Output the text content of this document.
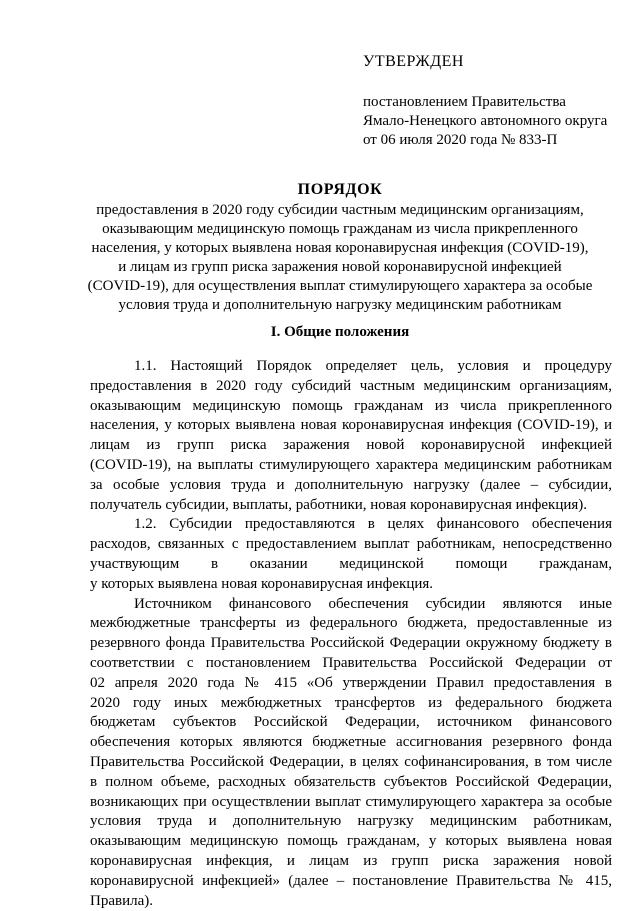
УТВЕРЖДЕН
постановлением Правительства
Ямало-Ненецкого автономного округа
от 06 июля 2020 года № 833-П
ПОРЯДОК
предоставления в 2020 году субсидии частным медицинским организациям,
оказывающим медицинскую помощь гражданам из числа прикрепленного
населения, у которых выявлена новая коронавирусная инфекция (COVID-19),
и лицам из групп риска заражения новой коронавирусной инфекцией
(COVID-19), для осуществления выплат стимулирующего характера за особые
условия труда и дополнительную нагрузку медицинским работникам
I. Общие положения
1.1. Настоящий Порядок определяет цель, условия и процедуру
предоставления в 2020 году субсидий частным медицинским организациям,
оказывающим медицинскую помощь гражданам из числа прикрепленного
населения, у которых выявлена новая коронавирусная инфекция (COVID-19), и
лицам из групп риска заражения новой коронавирусной инфекцией
(COVID-19), на выплаты стимулирующего характера медицинским работникам
за особые условия труда и дополнительную нагрузку (далее – субсидии,
получатель субсидии, выплаты, работники, новая коронавирусная инфекция).
1.2. Субсидии предоставляются в целях финансового обеспечения
расходов, связанных с предоставлением выплат работникам, непосредственно
участвующим в оказании медицинской помощи гражданам,
у которых выявлена новая коронавирусная инфекция.
Источником финансового обеспечения субсидии являются иные
межбюджетные трансферты из федерального бюджета, предоставленные из
резервного фонда Правительства Российской Федерации окружному бюджету в
соответствии с постановлением Правительства Российской Федерации от
02 апреля 2020 года № 415 «Об утверждении Правил предоставления в
2020 году иных межбюджетных трансфертов из федерального бюджета
бюджетам субъектов Российской Федерации, источником финансового
обеспечения которых являются бюджетные ассигнования резервного фонда
Правительства Российской Федерации, в целях софинансирования, в том числе
в полном объеме, расходных обязательств субъектов Российской Федерации,
возникающих при осуществлении выплат стимулирующего характера за особые
условия труда и дополнительную нагрузку медицинским работникам,
оказывающим медицинскую помощь гражданам, у которых выявлена новая
коронавирусная инфекция, и лицам из групп риска заражения новой
коронавирусной инфекцией» (далее – постановление Правительства № 415,
Правила).
